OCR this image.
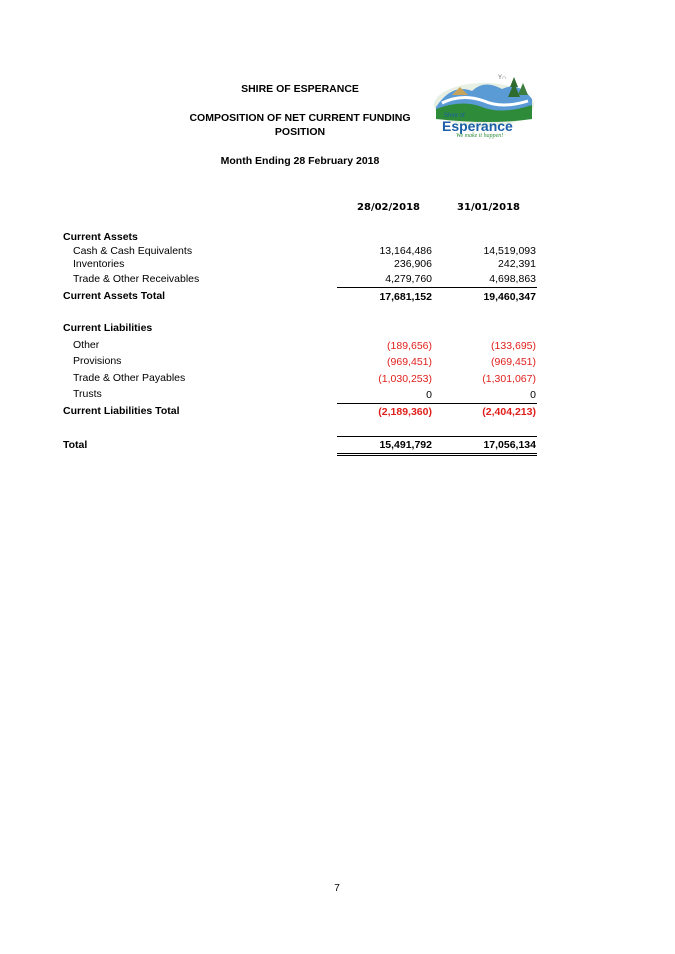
SHIRE OF ESPERANCE
COMPOSITION OF NET CURRENT FUNDING
POSITION
Month Ending 28 February 2018
Y∩
Shire of
Esperance
We make it happen!
28/02/2018	31/01/2018
Current Assets
Cash & Cash Equivalents	13,164,486	14,519,093
Inventories	236,906	242,391
Trade & Other Receivables	4,279,760	4,698,863
Current Assets Total	17,681,152	19,460,347
Current Liabilities
Other	(189,656)	(133,695)
Provisions	(969,451)	(969,451)
Trade & Other Payables	(1,030,253)	(1,301,067)
Trusts	0	0
Current Liabilities Total	(2,189,360)	(2,404,213)
Total	15,491,792	17,056,134
7
